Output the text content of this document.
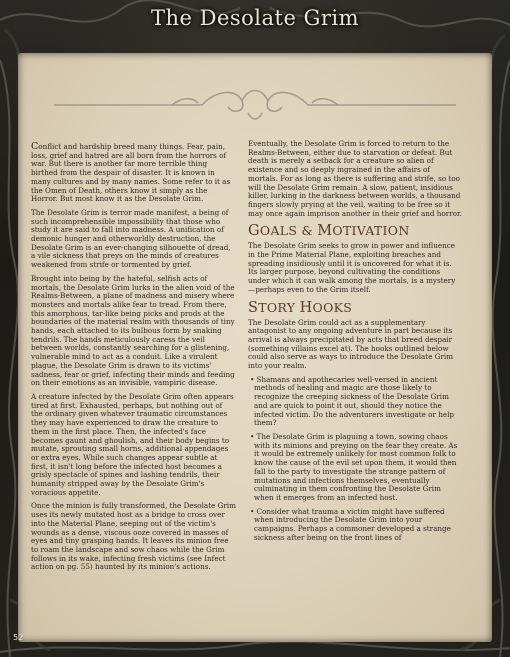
The Desolate Grim

Conflict and hardship breed many things. Fear, pain, loss, grief and hatred are all born from the horrors of war. But there is another far more terrible thing birthed from the despair of disaster. It is known in many cultures and by many names. Some refer to it as the Omen of Death, others know it simply as the Horror. But most know it as the Desolate Grim.

The Desolate Grim is terror made manifest, a being of such incomprehensible impossibility that those who study it are said to fall into madness. A unification of demonic hunger and otherworldly destruction, the Desolate Grim is an ever-changing silhouette of dread, a vile sickness that preys on the minds of creatures weakened from strife or tormented by grief.

Brought into being by the hateful, selfish acts of mortals, the Desolate Grim lurks in the alien void of the Realms-Between, a plane of madness and misery where monsters and mortals alike fear to tread. From there, this amorphous, tar-like being picks and prods at the boundaries of the material realm with thousands of tiny hands, each attached to its bulbous form by snaking tendrils. The hands meticulously caress the veil between worlds, constantly searching for a glistening, vulnerable mind to act as a conduit. Like a virulent plague, the Desolate Grim is drawn to its victims' sadness, fear or grief, infecting their minds and feeding on their emotions as an invisible, vampiric disease.

A creature infected by the Desolate Grim often appears tired at first. Exhausted, perhaps, but nothing out of the ordinary given whatever traumatic circumstances they may have experienced to draw the creature to them in the first place. Then, the infected's face becomes gaunt and ghoulish, and their body begins to mutate, sprouting small horns, additional appendages or extra eyes. While such changes appear subtle at first, it isn't long before the infected host becomes a grisly spectacle of spines and lashing tendrils, their humanity stripped away by the Desolate Grim's voracious appetite.

Once the minion is fully transformed, the Desolate Grim uses its newly mutated host as a bridge to cross over into the Material Plane, seeping out of the victim's wounds as a dense, viscous ooze covered in masses of eyes and tiny grasping hands. It leaves its minion free to roam the landscape and sow chaos while the Grim follows in its wake, infecting fresh victims (see Infect action on pg. 55) haunted by its minion's actions.

Eventually, the Desolate Grim is forced to return to the Realms-Between, either due to starvation or defeat. But death is merely a setback for a creature so alien of existence and so deeply ingrained in the affairs of mortals. For as long as there is suffering and strife, so too will the Desolate Grim remain. A slow, patient, insidious killer, lurking in the darkness between worlds, a thousand fingers slowly prying at the veil, waiting to be free so it may once again imprison another in their grief and horror.

GOALS & MOTIVATION

The Desolate Grim seeks to grow in power and influence in the Prime Material Plane, exploiting breaches and spreading insidiously until it is uncovered for what it is. Its larger purpose, beyond cultivating the conditions under which it can walk among the mortals, is a mystery—perhaps even to the Grim itself.

STORY HOOKS

The Desolate Grim could act as a supplementary antagonist to any ongoing adventure in part because its arrival is always precipitated by acts that breed despair (something villains excel at). The hooks outlined below could also serve as ways to introduce the Desolate Grim into your realm.

• Shamans and apothecaries well-versed in ancient methods of healing and magic are those likely to recognize the creeping sickness of the Desolate Grim and are quick to point it out, should they notice the infected victim. Do the adventurers investigate or help them?
• The Desolate Grim is plaguing a town, sowing chaos with its minions and preying on the fear they create. As it would be extremely unlikely for most common folk to know the cause of the evil set upon them, it would then fall to the party to investigate the strange pattern of mutations and infections themselves, eventually culminating in them confronting the Desolate Grim when it emerges from an infected host.
• Consider what trauma a victim might have suffered when introducing the Desolate Grim into your campaigns. Perhaps a commoner developed a strange sickness after being on the front lines of
52
